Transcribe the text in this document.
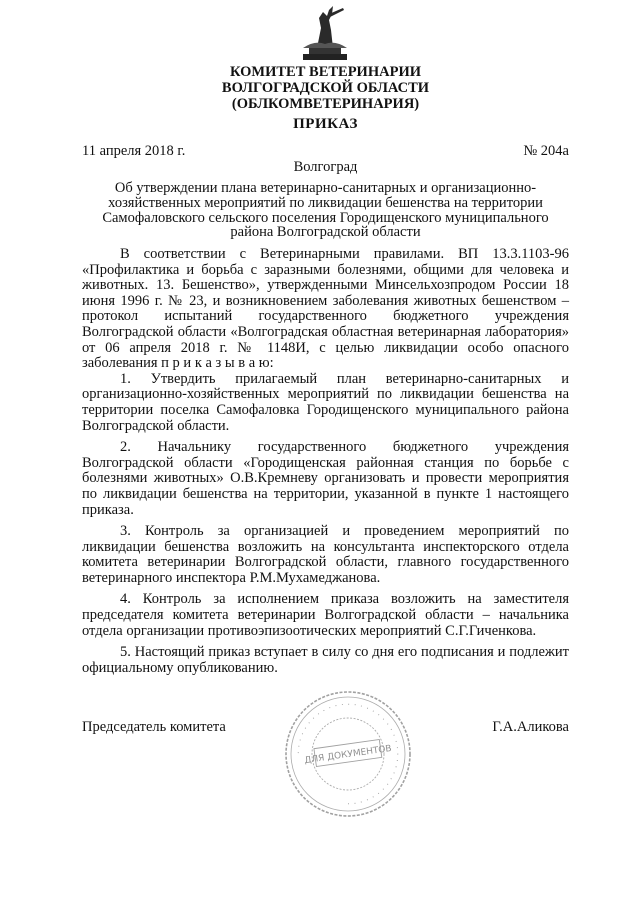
КОМИТЕТ ВЕТЕРИНАРИИ
ВОЛГОГРАДСКОЙ ОБЛАСТИ
(ОБЛКОМВЕТЕРИНАРИЯ)
ПРИКАЗ
11 апреля 2018 г.	№ 204а
Волгоград
Об утверждении плана ветеринарно-санитарных и организационно-хозяйственных мероприятий по ликвидации бешенства на территории Самофаловского сельского поселения Городищенского муниципального района Волгоградской области

В соответствии с Ветеринарными правилами. ВП 13.3.1103-96 «Профилактика и борьба с заразными болезнями, общими для человека и животных. 13. Бешенство», утвержденными Минсельхозпродом России 18 июня 1996 г. № 23, и возникновением заболевания животных бешенством – протокол испытаний государственного бюджетного учреждения Волгоградской области «Волгоградская областная ветеринарная лаборатория» от 06 апреля 2018 г. № 1148И, с целью ликвидации особо опасного заболевания п р и к а з ы в а ю:

1. Утвердить прилагаемый план ветеринарно-санитарных и организационно-хозяйственных мероприятий по ликвидации бешенства на территории поселка Самофаловка Городищенского муниципального района Волгоградской области.

2. Начальнику государственного бюджетного учреждения Волгоградской области «Городищенская районная станция по борьбе с болезнями животных» О.В.Кремневу организовать и провести мероприятия по ликвидации бешенства на территории, указанной в пункте 1 настоящего приказа.

3. Контроль за организацией и проведением мероприятий по ликвидации бешенства возложить на консультанта инспекторского отдела комитета ветеринарии Волгоградской области, главного государственного ветеринарного инспектора Р.М.Мухамеджанова.

4. Контроль за исполнением приказа возложить на заместителя председателя комитета ветеринарии Волгоградской области – начальника отдела организации противоэпизоотических мероприятий С.Г.Гиченкова.

5. Настоящий приказ вступает в силу со дня его подписания и подлежит официальному опубликованию.

Председатель комитета	Г.А.Аликова
· · · · · · · · · · · · · · · · · · · · · · · · · · · · · · · · · · · · ·
ДЛЯ ДОКУМЕНТОВ
